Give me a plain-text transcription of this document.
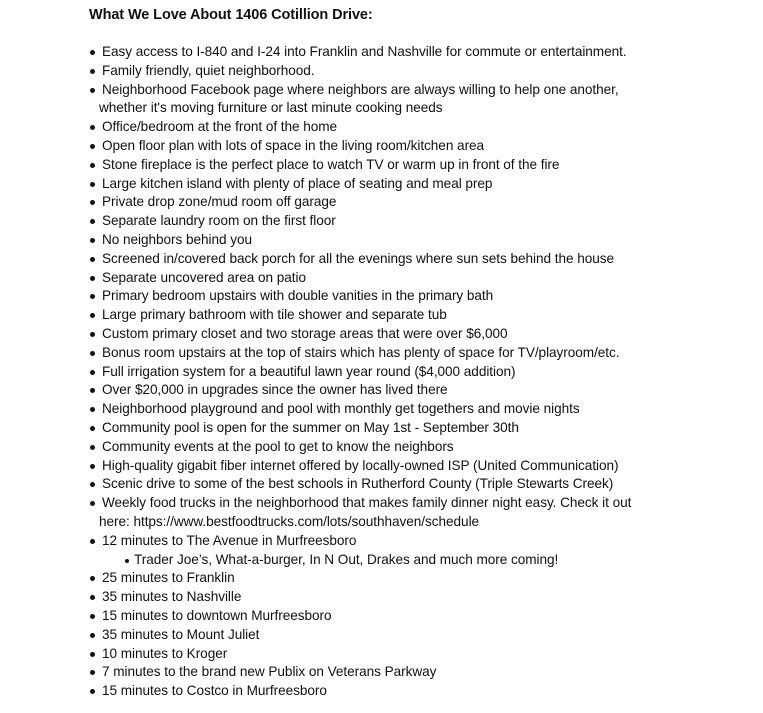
What We Love About 1406 Cotillion Drive:
Easy access to I-840 and I-24 into Franklin and Nashville for commute or entertainment.
Family friendly, quiet neighborhood.
Neighborhood Facebook page where neighbors are always willing to help one another,
whether it's moving furniture or last minute cooking needs
Office/bedroom at the front of the home
Open floor plan with lots of space in the living room/kitchen area
Stone fireplace is the perfect place to watch TV or warm up in front of the fire
Large kitchen island with plenty of place of seating and meal prep
Private drop zone/mud room off garage
Separate laundry room on the first floor
No neighbors behind you
Screened in/covered back porch for all the evenings where sun sets behind the house
Separate uncovered area on patio
Primary bedroom upstairs with double vanities in the primary bath
Large primary bathroom with tile shower and separate tub
Custom primary closet and two storage areas that were over $6,000
Bonus room upstairs at the top of stairs which has plenty of space for TV/playroom/etc.
Full irrigation system for a beautiful lawn year round ($4,000 addition)
Over $20,000 in upgrades since the owner has lived there
Neighborhood playground and pool with monthly get togethers and movie nights
Community pool is open for the summer on May 1st - September 30th
Community events at the pool to get to know the neighbors
High-quality gigabit fiber internet offered by locally-owned ISP (United Communication)
Scenic drive to some of the best schools in Rutherford County (Triple Stewarts Creek)
Weekly food trucks in the neighborhood that makes family dinner night easy. Check it out
here: https://www.bestfoodtrucks.com/lots/southhaven/schedule
12 minutes to The Avenue in Murfreesboro
Trader Joe’s, What-a-burger, In N Out, Drakes and much more coming!
25 minutes to Franklin
35 minutes to Nashville
15 minutes to downtown Murfreesboro
35 minutes to Mount Juliet
10 minutes to Kroger
7 minutes to the brand new Publix on Veterans Parkway
15 minutes to Costco in Murfreesboro
